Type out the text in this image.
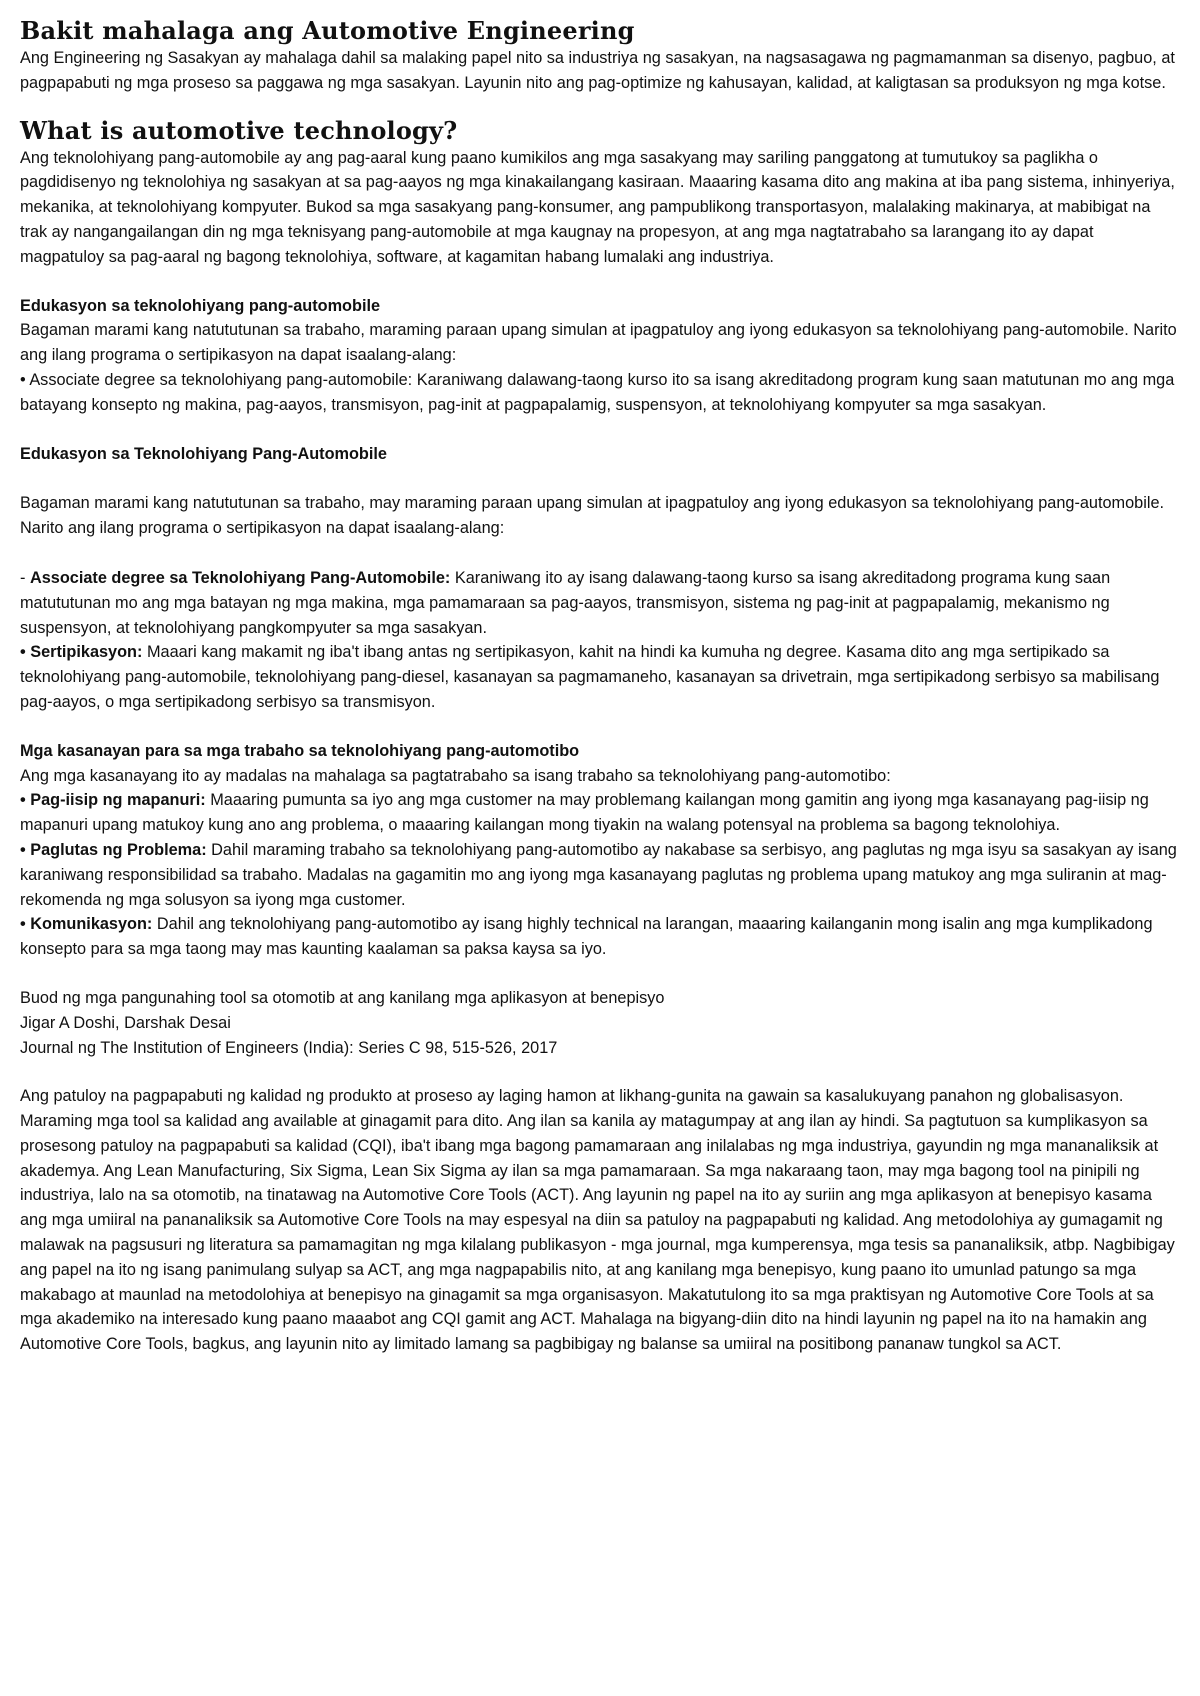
Bakit mahalaga ang Automotive Engineering

Ang Engineering ng Sasakyan ay mahalaga dahil sa malaking papel nito sa industriya ng sasakyan, na nagsasagawa ng pagmamanman sa disenyo, pagbuo, at pagpapabuti ng mga proseso sa paggawa ng mga sasakyan. Layunin nito ang pag-optimize ng kahusayan, kalidad, at kaligtasan sa produksyon ng mga kotse.

What is automotive technology?

Ang teknolohiyang pang-automobile ay ang pag-aaral kung paano kumikilos ang mga sasakyang may sariling panggatong at tumutukoy sa paglikha o pagdidisenyo ng teknolohiya ng sasakyan at sa pag-aayos ng mga kinakailangang kasiraan. Maaaring kasama dito ang makina at iba pang sistema, inhinyeriya, mekanika, at teknolohiyang kompyuter. Bukod sa mga sasakyang pang-konsumer, ang pampublikong transportasyon, malalaking makinarya, at mabibigat na trak ay nangangailangan din ng mga teknisyang pang-automobile at mga kaugnay na propesyon, at ang mga nagtatrabaho sa larangang ito ay dapat magpatuloy sa pag-aaral ng bagong teknolohiya, software, at kagamitan habang lumalaki ang industriya.

Edukasyon sa teknolohiyang pang-automobile

Bagaman marami kang natututunan sa trabaho, maraming paraan upang simulan at ipagpatuloy ang iyong edukasyon sa teknolohiyang pang-automobile. Narito ang ilang programa o sertipikasyon na dapat isaalang-alang:

• Associate degree sa teknolohiyang pang-automobile: Karaniwang dalawang-taong kurso ito sa isang akreditadong program kung saan matutunan mo ang mga batayang konsepto ng makina, pag-aayos, transmisyon, pag-init at pagpapalamig, suspensyon, at teknolohiyang kompyuter sa mga sasakyan.

Edukasyon sa Teknolohiyang Pang-Automobile

Bagaman marami kang natututunan sa trabaho, may maraming paraan upang simulan at ipagpatuloy ang iyong edukasyon sa teknolohiyang pang-automobile. Narito ang ilang programa o sertipikasyon na dapat isaalang-alang:

- Associate degree sa Teknolohiyang Pang-Automobile: Karaniwang ito ay isang dalawang-taong kurso sa isang akreditadong programa kung saan matututunan mo ang mga batayan ng mga makina, mga pamamaraan sa pag-aayos, transmisyon, sistema ng pag-init at pagpapalamig, mekanismo ng suspensyon, at teknolohiyang pangkompyuter sa mga sasakyan.

• Sertipikasyon: Maaari kang makamit ng iba't ibang antas ng sertipikasyon, kahit na hindi ka kumuha ng degree. Kasama dito ang mga sertipikado sa teknolohiyang pang-automobile, teknolohiyang pang-diesel, kasanayan sa pagmamaneho, kasanayan sa drivetrain, mga sertipikadong serbisyo sa mabilisang pag-aayos, o mga sertipikadong serbisyo sa transmisyon.

Mga kasanayan para sa mga trabaho sa teknolohiyang pang-automotibo

Ang mga kasanayang ito ay madalas na mahalaga sa pagtatrabaho sa isang trabaho sa teknolohiyang pang-automotibo:

• Pag-iisip ng mapanuri: Maaaring pumunta sa iyo ang mga customer na may problemang kailangan mong gamitin ang iyong mga kasanayang pag-iisip ng mapanuri upang matukoy kung ano ang problema, o maaaring kailangan mong tiyakin na walang potensyal na problema sa bagong teknolohiya.

• Paglutas ng Problema: Dahil maraming trabaho sa teknolohiyang pang-automotibo ay nakabase sa serbisyo, ang paglutas ng mga isyu sa sasakyan ay isang karaniwang responsibilidad sa trabaho. Madalas na gagamitin mo ang iyong mga kasanayang paglutas ng problema upang matukoy ang mga suliranin at mag-rekomenda ng mga solusyon sa iyong mga customer.

• Komunikasyon: Dahil ang teknolohiyang pang-automotibo ay isang highly technical na larangan, maaaring kailanganin mong isalin ang mga kumplikadong konsepto para sa mga taong may mas kaunting kaalaman sa paksa kaysa sa iyo.

Buod ng mga pangunahing tool sa otomotib at ang kanilang mga aplikasyon at benepisyo

Jigar A Doshi, Darshak Desai

Journal ng The Institution of Engineers (India): Series C 98, 515-526, 2017

Ang patuloy na pagpapabuti ng kalidad ng produkto at proseso ay laging hamon at likhang-gunita na gawain sa kasalukuyang panahon ng globalisasyon. Maraming mga tool sa kalidad ang available at ginagamit para dito. Ang ilan sa kanila ay matagumpay at ang ilan ay hindi. Sa pagtutuon sa kumplikasyon sa prosesong patuloy na pagpapabuti sa kalidad (CQI), iba't ibang mga bagong pamamaraan ang inilalabas ng mga industriya, gayundin ng mga mananaliksik at akademya. Ang Lean Manufacturing, Six Sigma, Lean Six Sigma ay ilan sa mga pamamaraan. Sa mga nakaraang taon, may mga bagong tool na pinipili ng industriya, lalo na sa otomotib, na tinatawag na Automotive Core Tools (ACT). Ang layunin ng papel na ito ay suriin ang mga aplikasyon at benepisyo kasama ang mga umiiral na pananaliksik sa Automotive Core Tools na may espesyal na diin sa patuloy na pagpapabuti ng kalidad. Ang metodolohiya ay gumagamit ng malawak na pagsusuri ng literatura sa pamamagitan ng mga kilalang publikasyon - mga journal, mga kumperensya, mga tesis sa pananaliksik, atbp. Nagbibigay ang papel na ito ng isang panimulang sulyap sa ACT, ang mga nagpapabilis nito, at ang kanilang mga benepisyo, kung paano ito umunlad patungo sa mga makabago at maunlad na metodolohiya at benepisyo na ginagamit sa mga organisasyon. Makatutulong ito sa mga praktisyan ng Automotive Core Tools at sa mga akademiko na interesado kung paano maaabot ang CQI gamit ang ACT. Mahalaga na bigyang-diin dito na hindi layunin ng papel na ito na hamakin ang Automotive Core Tools, bagkus, ang layunin nito ay limitado lamang sa pagbibigay ng balanse sa umiiral na positibong pananaw tungkol sa ACT.
